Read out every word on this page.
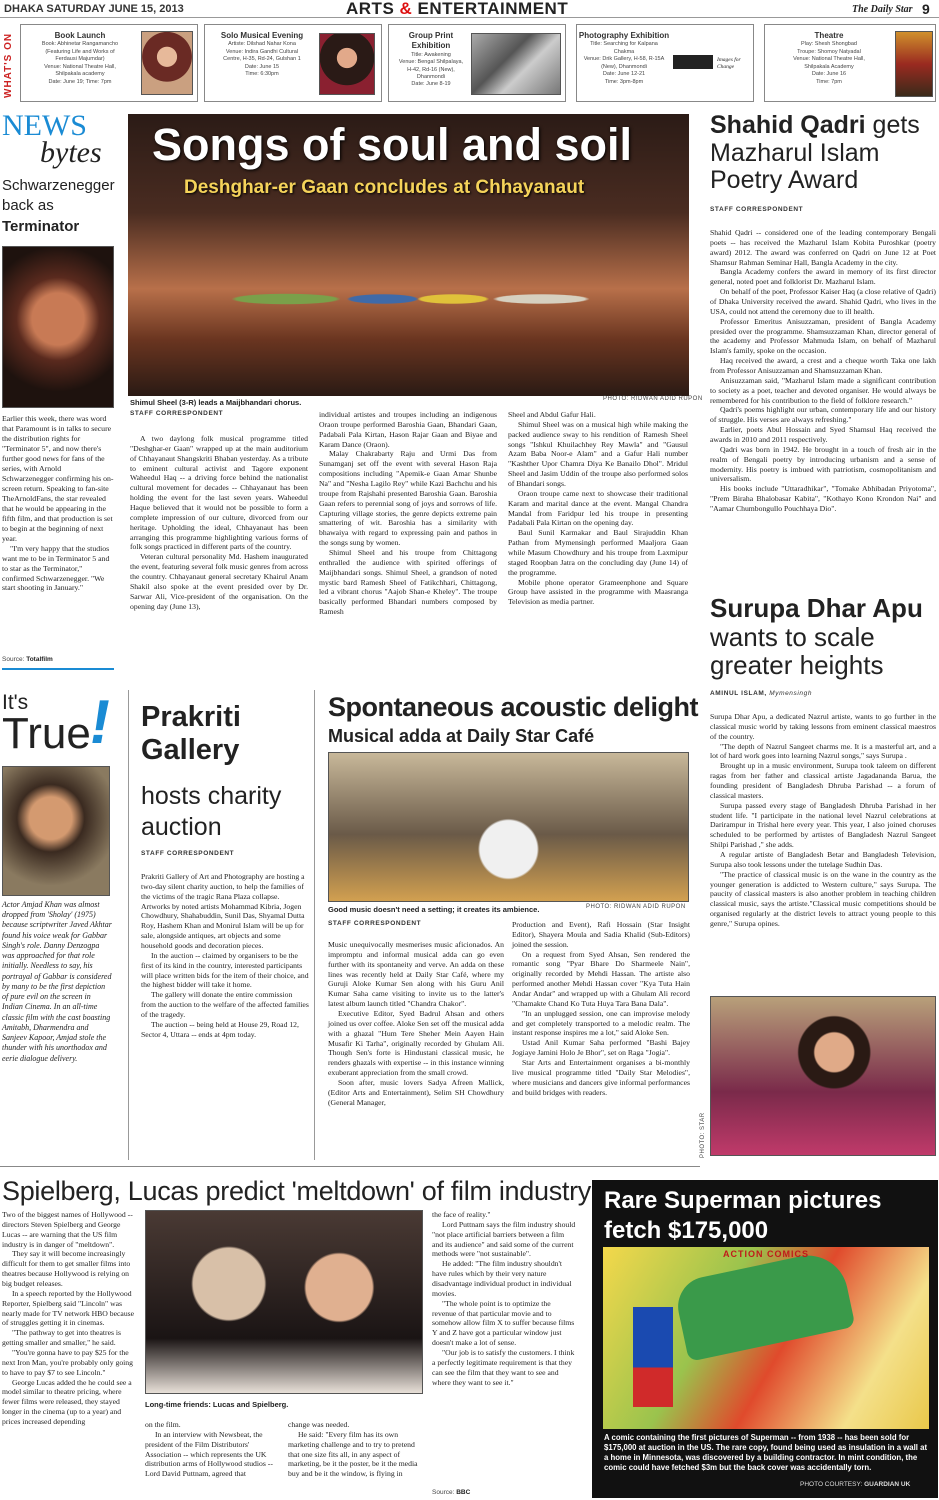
DHAKA SATURDAY JUNE 15, 2013	ARTS & ENTERTAINMENT	The Daily Star 9
WHAT'S ON	Book Launch
Book: Abhinetar Rangamancho
(Featuring Life and Works of
Ferdausi Majumdar)
Venue: National Theatre Hall,
Shilpakala academy
Date: June 19; Time: 7pm
Solo Musical Evening
Artiste: Dilshad Nahar Kona
Venue: Indira Gandhi Cultural
Centre, H-35, Rd-24, Gulshan 1
Date: June 15
Time: 6:30pm
Group Print Exhibition
Title: Awakening
Venue: Bengal Shilpalaya,
H-42, Rd-16 (New),
Dhanmondi
Date: June 8-19
Images for Change
Photography Exhibition
Title: Searching for Kalpana
Chakma
Venue: Drik Gallery, H-58, R-15A
(New), Dhanmondi
Date: June 12-21
Time: 3pm-8pm
Theatre
Play: Shesh Shongbad
Troupe: Shomoy Natyadal
Venue: National Theatre Hall,
Shilpakala Academy
Date: June 16
Time: 7pm
NEWS
bytes
Schwarzenegger
back as
Terminator
Earlier this week, there was word that Paramount is in talks to secure the distribution rights for "Terminator 5", and now there's further good news for fans of the series, with Arnold Schwarzenegger confirming his on-screen return. Speaking to fan-site TheArnoldFans, the star revealed that he would be appearing in the fifth film, and that production is set to begin at the beginning of next year.
"I'm very happy that the studios want me to be in Terminator 5 and to star as the Terminator," confirmed Schwarzenegger. "We start shooting in January."
Source: Totalfilm
Songs of soul and soil
Deshghar-er Gaan concludes at Chhayanaut
Shimul Sheel (3-R) leads a Maijbhandari chorus.	PHOTO: RIDWAN ADID RUPON
STAFF CORRESPONDENT

A two daylong folk musical programme titled "Deshghar-er Gaan" wrapped up at the main auditorium of Chhayanaut Shangskriti Bhaban yesterday. As a tribute to eminent cultural activist and Tagore exponent Waheedul Haq -- a driving force behind the nationalist cultural movement for decades -- Chhayanaut has been holding the event for the last seven years. Waheedul Haque believed that it would not be possible to form a complete impression of our culture, divorced from our heritage. Upholding the ideal, Chhayanaut has been arranging this programme highlighting various forms of folk songs practiced in different parts of the country.

Veteran cultural personality Md. Hashem inaugurated the event, featuring several folk music genres from across the country. Chhayanaut general secretary Khairul Anam Shakil also spoke at the event presided over by Dr. Sarwar Ali, Vice-president of the organisation. On the opening day (June 13),

individual artistes and troupes including an indigenous Oraon troupe performed Baroshia Gaan, Bhandari Gaan, Padabali Pala Kirtan, Hason Rajar Gaan and Biyae and Karam Dance (Oraon).

Malay Chakrabarty Raju and Urmi Das from Sunamganj set off the event with several Hason Raja compositions including "Apemik-e Gaan Amar Shunbe Na" and "Nesha Lagilo Rey" while Kazi Bachchu and his troupe from Rajshahi presented Baroshia Gaan. Baroshia Gaan refers to perennial song of joys and sorrows of life. Capturing village stories, the genre depicts extreme pain smattering of wit. Baroshia has a similarity with bhawaiya with regard to expressing pain and pathos in the songs sung by women.

Shimul Sheel and his troupe from Chittagong enthralled the audience with spirited offerings of Maijbhandari songs. Shimul Sheel, a grandson of noted mystic bard Ramesh Sheel of Fatikchhari, Chittagong, led a vibrant chorus "Aajob Shan-e Kheley". The troupe basically performed Bhandari numbers composed by Ramesh

Sheel and Abdul Gafur Hali.

Shimul Sheel was on a musical high while making the packed audience sway to his rendition of Ramesh Sheel songs "Ishkul Khuilachhey Rey Mawla" and "Gausul Azam Baba Noor-e Alam" and a Gafur Hali number "Kashther Upor Chamra Diya Ke Banailo Dhol". Mridul Sheel and Jasim Uddin of the troupe also performed solos of Bhandari songs.

Oraon troupe came next to showcase their traditional Karam and marital dance at the event. Mangal Chandra Mandal from Faridpur led his troupe in presenting Padabali Pala Kirtan on the opening day.

Baul Sunil Karmakar and Baul Sirajuddin Khan Pathan from Mymensingh performed Maaljora Gaan while Masum Chowdhury and his troupe from Laxmipur staged Roopban Jatra on the concluding day (June 14) of the programme.

Mobile phone operator Grameenphone and Square Group have assisted in the programme with Maasranga Television as media partner.

Shahid Qadri gets
Mazharul Islam
Poetry Award
STAFF CORRESPONDENT
Shahid Qadri -- considered one of the leading contemporary Bengali poets -- has received the Mazharul Islam Kobita Puroshkar (poetry award) 2012. The award was conferred on Qadri on June 12 at Poet Shamsur Rahman Seminar Hall, Bangla Academy in the city.

Bangla Academy confers the award in memory of its first director general, noted poet and folklorist Dr. Mazharul Islam.

On behalf of the poet, Professor Kaiser Haq (a close relative of Qadri) of Dhaka University received the award. Shahid Qadri, who lives in the USA, could not attend the ceremony due to ill health.

Professor Emeritus Anisuzzaman, president of Bangla Academy presided over the programme. Shamsuzzaman Khan, director general of the academy and Professor Mahmuda Islam, on behalf of Mazharul Islam's family, spoke on the occasion.

Haq received the award, a crest and a cheque worth Taka one lakh from Professor Anisuzzaman and Shamsuzzaman Khan.

Anisuzzaman said, "Mazharul Islam made a significant contribution to society as a poet, teacher and devoted organiser. He would always be remembered for his contribution to the field of folklore research."

Qadri's poems highlight our urban, contemporary life and our history of struggle. His verses are always refreshing."

Earlier, poets Abul Hossain and Syed Shamsul Haq received the awards in 2010 and 2011 respectively.

Qadri was born in 1942. He brought in a touch of fresh air in the realm of Bengali poetry by introducing urbanism and a sense of modernity. His poetry is imbued with patriotism, cosmopolitanism and universalism.

His books include "Uttaradhikar", "Tomake Abhibadan Priyotoma", "Prem Biraha Bhalobasar Kabita", "Kothayo Kono Krondon Nai" and "Aamar Chumbongullo Pouchhaya Dio".

Surupa Dhar Apu
wants to scale
greater heights
AMINUL ISLAM, Mymensingh
Surupa Dhar Apu, a dedicated Nazrul artiste, wants to go further in the classical music world by taking lessons from eminent classical maestros of the country.

"The depth of Nazrul Sangeet charms me. It is a masterful art, and a lot of hard work goes into learning Nazrul songs," says Surupa .

Brought up in a music environment, Surupa took taleem on different ragas from her father and classical artiste Jagadananda Barua, the founding president of Bangladesh Dhruba Parishad -- a forum of classical masters.

Surupa passed every stage of Bangladesh Dhruba Parishad in her student life. "I participate in the national level Nazrul celebrations at Darirampur in Trishal here every year. This year, I also joined choruses scheduled to be performed by artistes of Bangladesh Nazrul Sangeet Shilpi Parishad ," she adds.

A regular artiste of Bangladesh Betar and Bangladesh Television, Surupa also took lessons under the tutelage Sudhin Das.

"The practice of classical music is on the wane in the country as the younger generation is addicted to Western culture," says Surupa. The paucity of classical masters is also another problem in teaching children classical music, says the artiste."Classical music competitions should be organised regularly at the district levels to attract young people to this genre," Surupa opines.

PHOTO: STAR
It's
True
!
Actor Amjad Khan was almost dropped from 'Sholay' (1975) because scriptwriter Javed Akhtar found his voice weak for Gabbar Singh's role. Danny Denzogpa was approached for that role initially. Needless to say, his portrayal of Gabbar is considered by many to be the first depiction of pure evil on the screen in Indian Cinema. In an all-time classic film with the cast boasting Amitabh, Dharmendra and Sanjeev Kapoor, Amjad stole the thunder with his unorthodox and eerie dialogue delivery.
Prakriti
Gallery
hosts charity
auction
STAFF CORRESPONDENT
Prakriti Gallery of Art and Photography are hosting a two-day silent charity auction, to help the families of the victims of the tragic Rana Plaza collapse. Artworks by noted artists Mohammad Kibria, Jogen Chowdhury, Shahabuddin, Sunil Das, Shyamal Dutta Roy, Hashem Khan and Monirul Islam will be up for sale, alongside antiques, art objects and some household goods and decoration pieces.

In the auction -- claimed by organisers to be the first of its kind in the country, interested participants will place written bids for the item of their choice, and the highest bidder will take it home.

The gallery will donate the entire commission from the auction to the welfare of the affected families of the tragedy.

The auction -- being held at House 29, Road 12, Sector 4, Uttara -- ends at 4pm today.

Spontaneous acoustic delight
Musical adda at Daily Star Café
Good music doesn't need a setting; it creates its ambience.	PHOTO: RIDWAN ADID RUPON
STAFF CORRESPONDENT
Music unequivocally mesmerises music aficionados. An impromptu and informal musical adda can go even further with its spontaneity and verve. An adda on these lines was recently held at Daily Star Café, where my Guruji Aloke Kumar Sen along with his Guru Anil Kumar Saha came visiting to invite us to the latter's latest album launch titled "Chandra Chakor".

Executive Editor, Syed Badrul Ahsan and others joined us over coffee. Aloke Sen set off the musical adda with a ghazal "Hum Tere Sheher Mein Aayen Hain Musafir Ki Tarha", originally recorded by Ghulam Ali. Though Sen's forte is Hindustani classical music, he renders ghazals with expertise -- in this instance winning exuberant appreciation from the small crowd.

Soon after, music lovers Sadya Afreen Mallick, (Editor Arts and Entertainment), Selim SH Chowdhury (General Manager,

Production and Event), Rafi Hossain (Star Insight Editor), Shayera Moula and Sadia Khalid (Sub-Editors) joined the session.

On a request from Syed Ahsan, Sen rendered the romantic song "Pyar Bhare Do Sharmeele Nain", originally recorded by Mehdi Hassan. The artiste also performed another Mehdi Hassan cover "Kya Tuta Hain Andar Andar" and wrapped up with a Ghulam Ali record "Chamakte Chand Ko Tuta Huya Tara Bana Dala".

"In an unplugged session, one can improvise melody and get completely transported to a melodic realm. The instant response inspires me a lot," said Aloke Sen.

Ustad Anil Kumar Saha performed "Bashi Bajey Jogiaye Jamini Holo Je Bhor", set on Raga "Jogia".

Star Arts and Entertainment organises a bi-monthly live musical programme titled "Daily Star Melodies", where musicians and dancers give informal performances and build bridges with readers.

Spielberg, Lucas predict 'meltdown' of film industry
Two of the biggest names of Hollywood -- directors Steven Spielberg and George Lucas -- are warning that the US film industry is in danger of "meltdown".

They say it will become increasingly difficult for them to get smaller films into theatres because Hollywood is relying on big budget releases.

In a speech reported by the Hollywood Reporter, Spielberg said "Lincoln" was nearly made for TV network HBO because of struggles getting it in cinemas.

"The pathway to get into theatres is getting smaller and smaller," he said.

"You're gonna have to pay $25 for the next Iron Man, you're probably only going to have to pay $7 to see Lincoln."

George Lucas added the he could see a model similar to theatre pricing, where fewer films were released, they stayed longer in the cinema (up to a year) and prices increased depending

Long-time friends: Lucas and Spielberg.
on the film.

In an interview with Newsbeat, the president of the Film Distributors' Association -- which represents the UK distribution arms of Hollywood studios -- Lord David Puttnam, agreed that

change was needed.

He said: "Every film has its own marketing challenge and to try to pretend that one size fits all, in any aspect of marketing, be it the poster, be it the media buy and be it the window, is flying in

the face of reality."

Lord Puttnam says the film industry should "not place artificial barriers between a film and its audience" and said some of the current methods were "not sustainable".

He added: "The film industry shouldn't have rules which by their very nature disadvantage individual product in individual movies.

"The whole point is to optimize the revenue of that particular movie and to somehow allow film X to suffer because films Y and Z have got a particular window just doesn't make a lot of sense.

"Our job is to satisfy the customers. I think a perfectly legitimate requirement is that they can see the film that they want to see and where they want to see it."

Source: BBC
Rare Superman pictures
fetch $175,000
ACTION COMICS
A comic containing the first pictures of Superman -- from 1938 -- has been sold for $175,000 at auction in the US. The rare copy, found being used as insulation in a wall at a home in Minnesota, was discovered by a building contractor. In mint condition, the comic could have fetched $3m but the back cover was accidentally torn.
PHOTO COURTESY: GUARDIAN UK
